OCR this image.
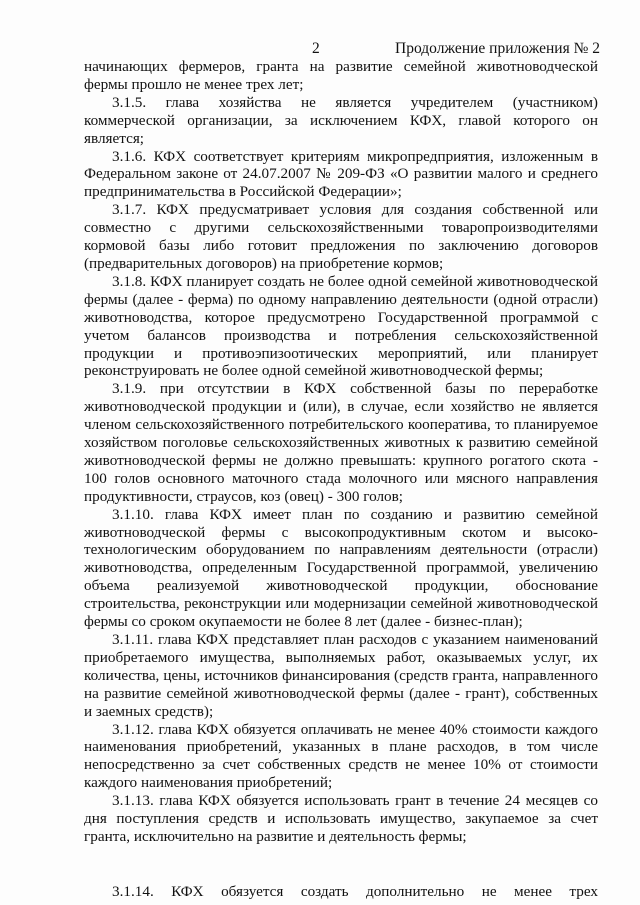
2	Продолжение приложения № 2

начинающих фермеров, гранта на развитие семейной животноводческой фермы прошло не менее трех лет;

3.1.5. глава хозяйства не является учредителем (участником) коммерческой организации, за исключением КФХ, главой которого он является;

3.1.6. КФХ соответствует критериям микропредприятия, изложенным в Федеральном законе от 24.07.2007 № 209-ФЗ «О развитии малого и среднего предпринимательства в Российской Федерации»;

3.1.7. КФХ предусматривает условия для создания собственной или совместно с другими сельскохозяйственными товаропроизводителями кормовой базы либо готовит предложения по заключению договоров (предварительных договоров) на приобретение кормов;

3.1.8. КФХ планирует создать не более одной семейной животноводческой фермы (далее - ферма) по одному направлению деятельности (одной отрасли) животноводства, которое предусмотрено Государственной программой с учетом балансов производства и потребления сельскохозяйственной продукции и противоэпизоотических мероприятий, или планирует реконструировать не более одной семейной животноводческой фермы;

3.1.9. при отсутствии в КФХ собственной базы по переработке животноводческой продукции и (или), в случае, если хозяйство не является членом сельскохозяйственного потребительского кооператива, то планируемое хозяйством поголовье сельскохозяйственных животных к развитию семейной животноводческой фермы не должно превышать: крупного рогатого скота - 100 голов основного маточного стада молочного или мясного направления продуктивности, страусов, коз (овец) - 300 голов;

3.1.10. глава КФХ имеет план по созданию и развитию семейной животноводческой фермы с высокопродуктивным скотом и высоко-технологическим оборудованием по направлениям деятельности (отрасли) животноводства, определенным Государственной программой, увеличению объема реализуемой животноводческой продукции, обоснование строительства, реконструкции или модернизации семейной животноводческой фермы со сроком окупаемости не более 8 лет (далее - бизнес-план);

3.1.11. глава КФХ представляет план расходов с указанием наименований приобретаемого имущества, выполняемых работ, оказываемых услуг, их количества, цены, источников финансирования (средств гранта, направленного на развитие семейной животноводческой фермы (далее - грант), собственных и заемных средств);

3.1.12. глава КФХ обязуется оплачивать не менее 40% стоимости каждого наименования приобретений, указанных в плане расходов, в том числе непосредственно за счет собственных средств не менее 10% от стоимости каждого наименования приобретений;

3.1.13. глава КФХ обязуется использовать грант в течение 24 месяцев со дня поступления средств и использовать имущество, закупаемое за счет гранта, исключительно на развитие и деятельность фермы;

3.1.14. КФХ обязуется создать дополнительно не менее трех
